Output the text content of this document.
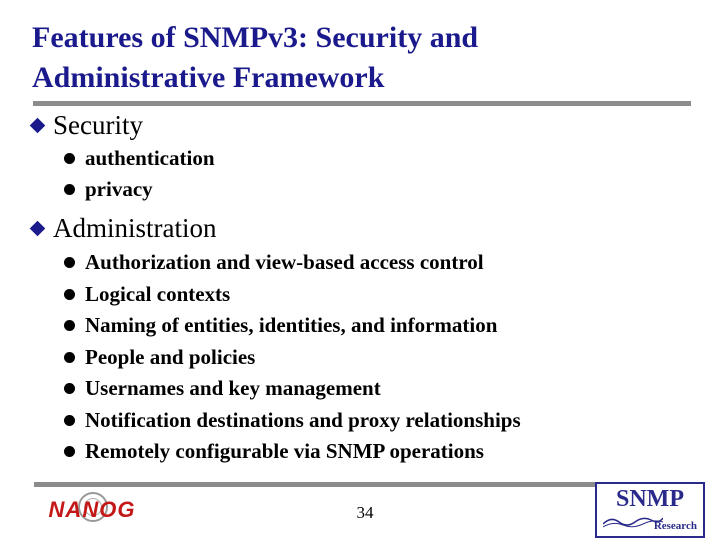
Features of SNMPv3: Security and
Administrative Framework
Security
authentication
privacy
Administration
Authorization and view-based access control
Logical contexts
Naming of entities, identities, and information
People and policies
Usernames and key management
Notification destinations and proxy relationships
Remotely configurable via SNMP operations
NANOG	34
SNMP
Research
